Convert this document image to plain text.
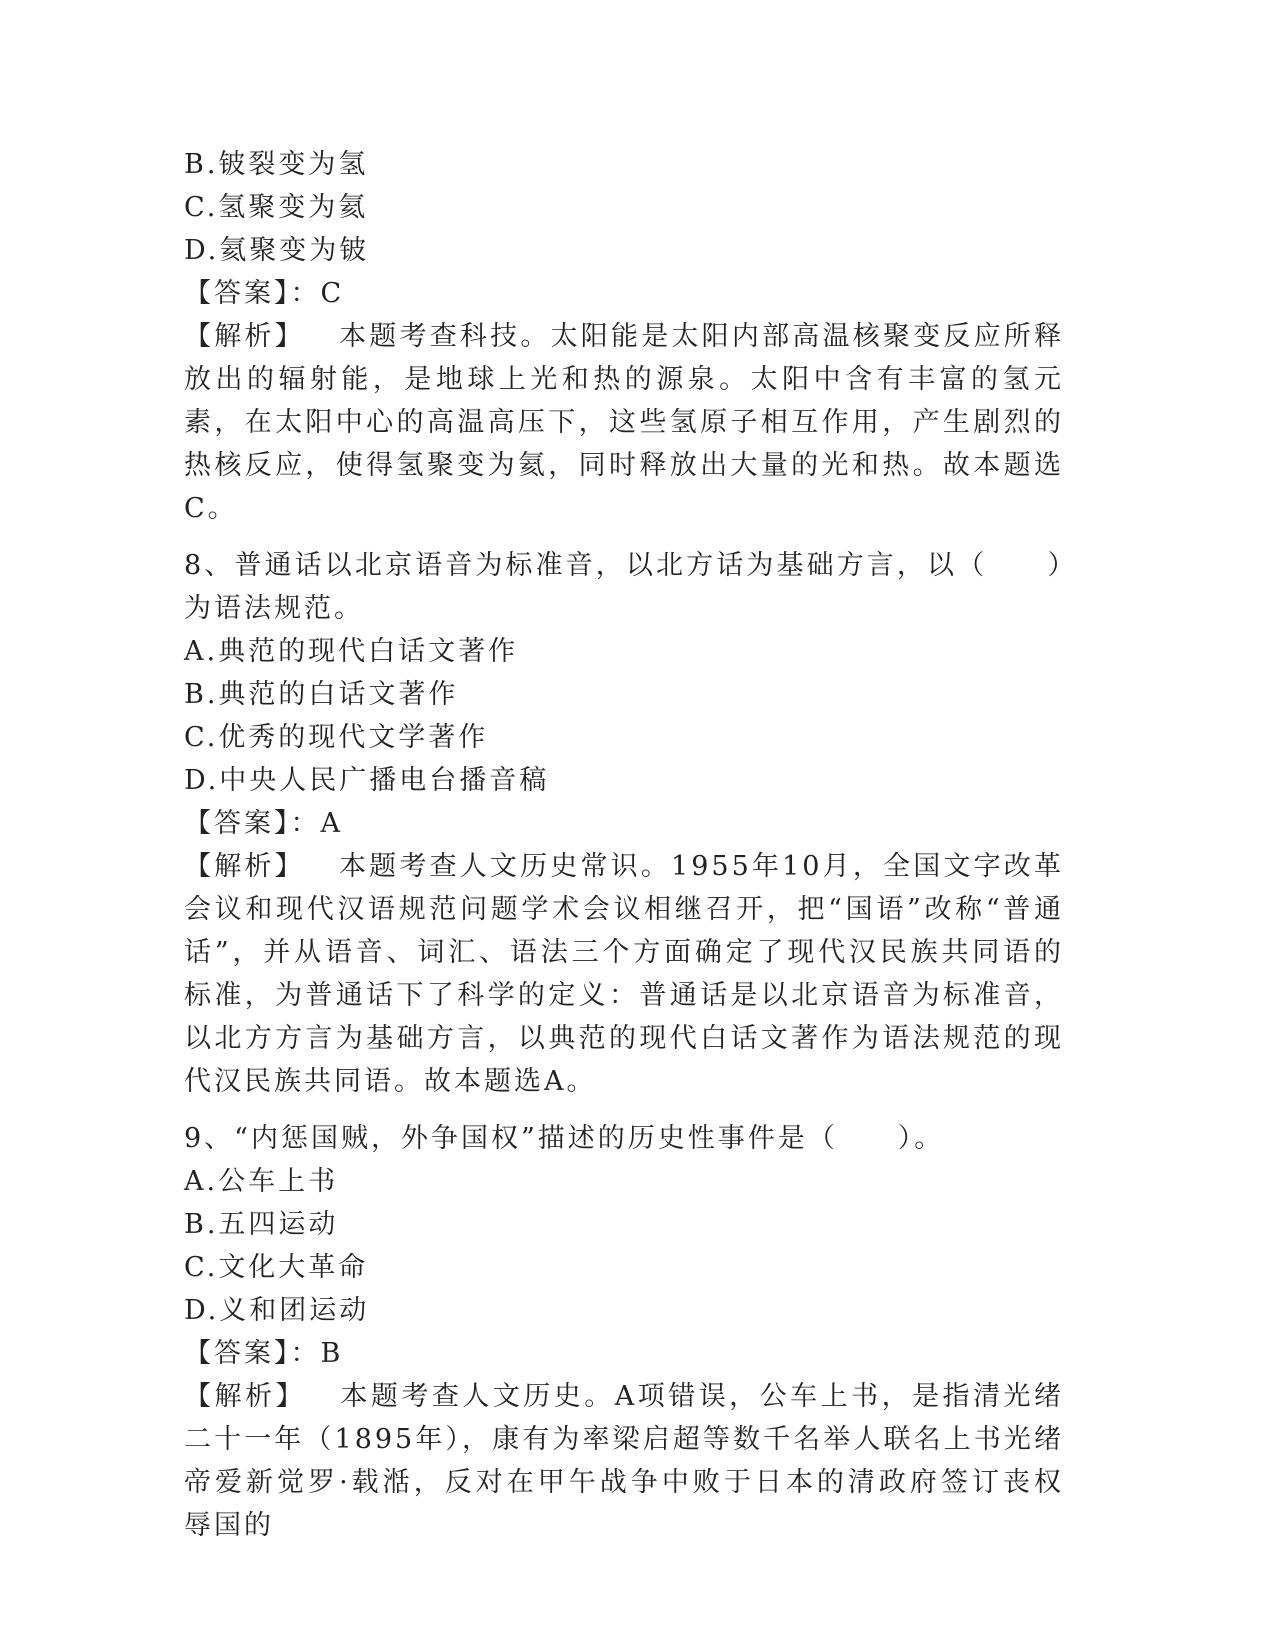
B.铍裂变为氢
C.氢聚变为氦
D.氦聚变为铍
【答案】：C
【解析】 本题考查科技。太阳能是太阳内部高温核聚变反应所释放出的辐射能，是地球上光和热的源泉。太阳中含有丰富的氢元素，在太阳中心的高温高压下，这些氢原子相互作用，产生剧烈的热核反应，使得氢聚变为氦，同时释放出大量的光和热。故本题选C。
8、普通话以北京语音为标准音，以北方话为基础方言，以（　　）为语法规范。
A.典范的现代白话文著作
B.典范的白话文著作
C.优秀的现代文学著作
D.中央人民广播电台播音稿
【答案】：A
【解析】 本题考查人文历史常识。1955年10月，全国文字改革会议和现代汉语规范问题学术会议相继召开，把“国语”改称“普通话”，并从语音、词汇、语法三个方面确定了现代汉民族共同语的标准，为普通话下了科学的定义：普通话是以北京语音为标准音，以北方方言为基础方言，以典范的现代白话文著作为语法规范的现代汉民族共同语。故本题选A。
9、“内惩国贼，外争国权”描述的历史性事件是（　　）。
A.公车上书
B.五四运动
C.文化大革命
D.义和团运动
【答案】：B
【解析】 本题考查人文历史。A项错误，公车上书，是指清光绪二十一年（1895年），康有为率梁启超等数千名举人联名上书光绪帝爱新觉罗·载湉，反对在甲午战争中败于日本的清政府签订丧权辱国的
